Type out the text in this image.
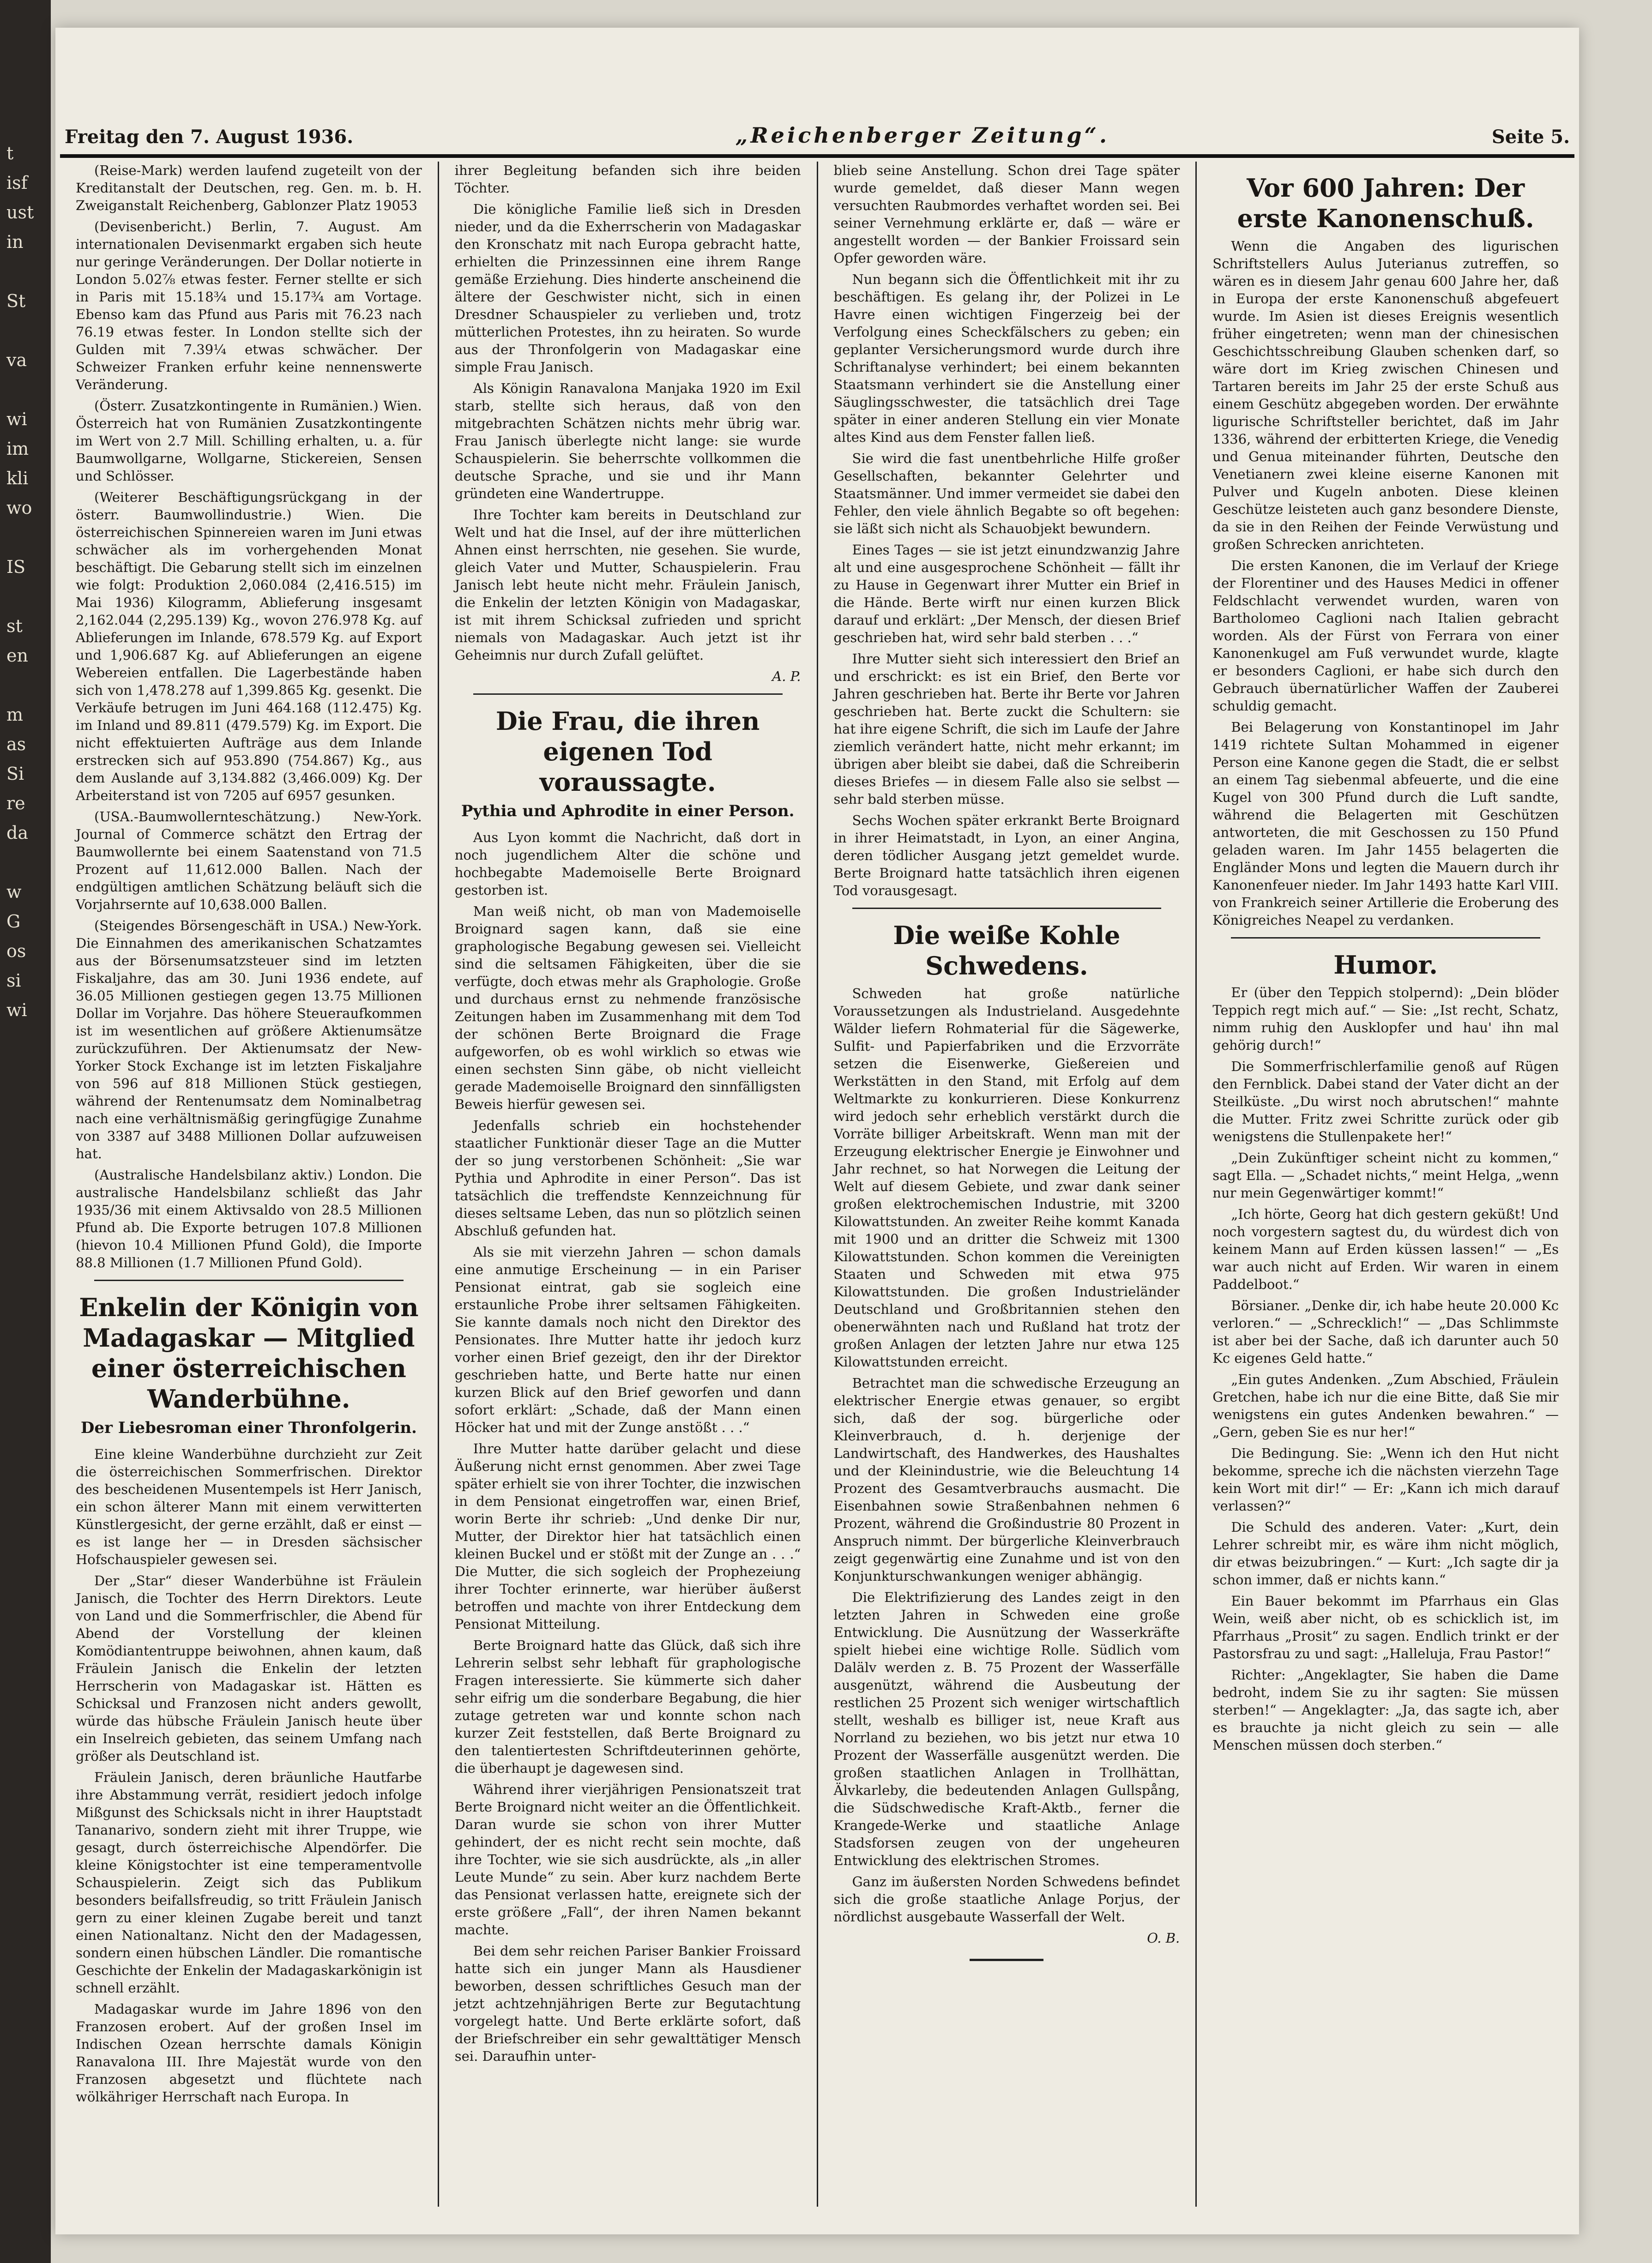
t
isf
ust
in

St

va

wi
im
kli
wo

IS

st
en

m
as
Si
re
da

w
G
os
si
wi
Freitag den 7. August 1936.	„Reichenberger Zeitung“.	Seite 5.

(Reise-Mark) werden laufend zugeteilt von der Kreditanstalt der Deutschen, reg. Gen. m. b. H. Zweiganstalt Reichenberg, Gablonzer Platz 19053

(Devisenbericht.) Berlin, 7. August. Am internationalen Devisenmarkt ergaben sich heute nur geringe Veränderungen. Der Dollar notierte in London 5.02⅞ etwas fester. Ferner stellte er sich in Paris mit 15.18¾ und 15.17¾ am Vortage. Ebenso kam das Pfund aus Paris mit 76.23 nach 76.19 etwas fester. In London stellte sich der Gulden mit 7.39¼ etwas schwächer. Der Schweizer Franken erfuhr keine nennenswerte Veränderung.

(Österr. Zusatzkontingente in Rumänien.) Wien. Österreich hat von Rumänien Zusatzkontingente im Wert von 2.7 Mill. Schilling erhalten, u. a. für Baumwollgarne, Wollgarne, Stickereien, Sensen und Schlösser.

(Weiterer Beschäftigungsrückgang in der österr. Baumwollindustrie.) Wien. Die österreichischen Spinnereien waren im Juni etwas schwächer als im vorhergehenden Monat beschäftigt. Die Gebarung stellt sich im einzelnen wie folgt: Produktion 2,060.084 (2,416.515) im Mai 1936) Kilogramm, Ablieferung insgesamt 2,162.044 (2,295.139) Kg., wovon 276.978 Kg. auf Ablieferungen im Inlande, 678.579 Kg. auf Export und 1,906.687 Kg. auf Ablieferungen an eigene Webereien entfallen. Die Lagerbestände haben sich von 1,478.278 auf 1,399.865 Kg. gesenkt. Die Verkäufe betrugen im Juni 464.168 (112.475) Kg. im Inland und 89.811 (479.579) Kg. im Export. Die nicht effektuierten Aufträge aus dem Inlande erstrecken sich auf 953.890 (754.867) Kg., aus dem Auslande auf 3,134.882 (3,466.009) Kg. Der Arbeiterstand ist von 7205 auf 6957 gesunken.

(USA.-Baumwollernteschätzung.) New-York. Journal of Commerce schätzt den Ertrag der Baumwollernte bei einem Saatenstand von 71.5 Prozent auf 11,612.000 Ballen. Nach der endgültigen amtlichen Schätzung beläuft sich die Vorjahrsernte auf 10,638.000 Ballen.

(Steigendes Börsengeschäft in USA.) New-York. Die Einnahmen des amerikanischen Schatzamtes aus der Börsenumsatzsteuer sind im letzten Fiskaljahre, das am 30. Juni 1936 endete, auf 36.05 Millionen gestiegen gegen 13.75 Millionen Dollar im Vorjahre. Das höhere Steueraufkommen ist im wesentlichen auf größere Aktienumsätze zurückzuführen. Der Aktienumsatz der New-Yorker Stock Exchange ist im letzten Fiskaljahre von 596 auf 818 Millionen Stück gestiegen, während der Rentenumsatz dem Nominalbetrag nach eine verhältnismäßig geringfügige Zunahme von 3387 auf 3488 Millionen Dollar aufzuweisen hat.

(Australische Handelsbilanz aktiv.) London. Die australische Handelsbilanz schließt das Jahr 1935/36 mit einem Aktivsaldo von 28.5 Millionen Pfund ab. Die Exporte betrugen 107.8 Millionen (hievon 10.4 Millionen Pfund Gold), die Importe 88.8 Millionen (1.7 Millionen Pfund Gold).

Enkelin der Königin von Madagaskar — Mitglied einer österreichischen Wanderbühne.
Der Liebesroman einer Thronfolgerin.

Eine kleine Wanderbühne durchzieht zur Zeit die österreichischen Sommerfrischen. Direktor des bescheidenen Musentempels ist Herr Janisch, ein schon älterer Mann mit einem verwitterten Künstlergesicht, der gerne erzählt, daß er einst — es ist lange her — in Dresden sächsischer Hofschauspieler gewesen sei.

Der „Star“ dieser Wanderbühne ist Fräulein Janisch, die Tochter des Herrn Direktors. Leute von Land und die Sommerfrischler, die Abend für Abend der Vorstellung der kleinen Komödiantentruppe beiwohnen, ahnen kaum, daß Fräulein Janisch die Enkelin der letzten Herrscherin von Madagaskar ist. Hätten es Schicksal und Franzosen nicht anders gewollt, würde das hübsche Fräulein Janisch heute über ein Inselreich gebieten, das seinem Umfang nach größer als Deutschland ist.

Fräulein Janisch, deren bräunliche Hautfarbe ihre Abstammung verrät, residiert jedoch infolge Mißgunst des Schicksals nicht in ihrer Hauptstadt Tananarivo, sondern zieht mit ihrer Truppe, wie gesagt, durch österreichische Alpendörfer. Die kleine Königstochter ist eine temperamentvolle Schauspielerin. Zeigt sich das Publikum besonders beifallsfreudig, so tritt Fräulein Janisch gern zu einer kleinen Zugabe bereit und tanzt einen Nationaltanz. Nicht den der Madagessen, sondern einen hübschen Ländler. Die romantische Geschichte der Enkelin der Madagaskarkönigin ist schnell erzählt.

Madagaskar wurde im Jahre 1896 von den Franzosen erobert. Auf der großen Insel im Indischen Ozean herrschte damals Königin Ranavalona III. Ihre Majestät wurde von den Franzosen abgesetzt und flüchtete nach wölkähriger Herrschaft nach Europa. In

ihrer Begleitung befanden sich ihre beiden Töchter.

Die königliche Familie ließ sich in Dresden nieder, und da die Exherrscherin von Madagaskar den Kronschatz mit nach Europa gebracht hatte, erhielten die Prinzessinnen eine ihrem Range gemäße Erziehung. Dies hinderte anscheinend die ältere der Geschwister nicht, sich in einen Dresdner Schauspieler zu verlieben und, trotz mütterlichen Protestes, ihn zu heiraten. So wurde aus der Thronfolgerin von Madagaskar eine simple Frau Janisch.

Als Königin Ranavalona Manjaka 1920 im Exil starb, stellte sich heraus, daß von den mitgebrachten Schätzen nichts mehr übrig war. Frau Janisch überlegte nicht lange: sie wurde Schauspielerin. Sie beherrschte vollkommen die deutsche Sprache, und sie und ihr Mann gründeten eine Wandertruppe.

Ihre Tochter kam bereits in Deutschland zur Welt und hat die Insel, auf der ihre mütterlichen Ahnen einst herrschten, nie gesehen. Sie wurde, gleich Vater und Mutter, Schauspielerin. Frau Janisch lebt heute nicht mehr. Fräulein Janisch, die Enkelin der letzten Königin von Madagaskar, ist mit ihrem Schicksal zufrieden und spricht niemals von Madagaskar. Auch jetzt ist ihr Geheimnis nur durch Zufall gelüftet.

A. P.
Die Frau, die ihren eigenen Tod voraussagte.
Pythia und Aphrodite in einer Person.

Aus Lyon kommt die Nachricht, daß dort in noch jugendlichem Alter die schöne und hochbegabte Mademoiselle Berte Broignard gestorben ist.

Man weiß nicht, ob man von Mademoiselle Broignard sagen kann, daß sie eine graphologische Begabung gewesen sei. Vielleicht sind die seltsamen Fähigkeiten, über die sie verfügte, doch etwas mehr als Graphologie. Große und durchaus ernst zu nehmende französische Zeitungen haben im Zusammenhang mit dem Tod der schönen Berte Broignard die Frage aufgeworfen, ob es wohl wirklich so etwas wie einen sechsten Sinn gäbe, ob nicht vielleicht gerade Mademoiselle Broignard den sinnfälligsten Beweis hierfür gewesen sei.

Jedenfalls schrieb ein hochstehender staatlicher Funktionär dieser Tage an die Mutter der so jung verstorbenen Schönheit: „Sie war Pythia und Aphrodite in einer Person“. Das ist tatsächlich die treffendste Kennzeichnung für dieses seltsame Leben, das nun so plötzlich seinen Abschluß gefunden hat.

Als sie mit vierzehn Jahren — schon damals eine anmutige Erscheinung — in ein Pariser Pensionat eintrat, gab sie sogleich eine erstaunliche Probe ihrer seltsamen Fähigkeiten. Sie kannte damals noch nicht den Direktor des Pensionates. Ihre Mutter hatte ihr jedoch kurz vorher einen Brief gezeigt, den ihr der Direktor geschrieben hatte, und Berte hatte nur einen kurzen Blick auf den Brief geworfen und dann sofort erklärt: „Schade, daß der Mann einen Höcker hat und mit der Zunge anstößt . . .“

Ihre Mutter hatte darüber gelacht und diese Äußerung nicht ernst genommen. Aber zwei Tage später erhielt sie von ihrer Tochter, die inzwischen in dem Pensionat eingetroffen war, einen Brief, worin Berte ihr schrieb: „Und denke Dir nur, Mutter, der Direktor hier hat tatsächlich einen kleinen Buckel und er stößt mit der Zunge an . . .“ Die Mutter, die sich sogleich der Prophezeiung ihrer Tochter erinnerte, war hierüber äußerst betroffen und machte von ihrer Entdeckung dem Pensionat Mitteilung.

Berte Broignard hatte das Glück, daß sich ihre Lehrerin selbst sehr lebhaft für graphologische Fragen interessierte. Sie kümmerte sich daher sehr eifrig um die sonderbare Begabung, die hier zutage getreten war und konnte schon nach kurzer Zeit feststellen, daß Berte Broignard zu den talentiertesten Schriftdeuterinnen gehörte, die überhaupt je dagewesen sind.

Während ihrer vierjährigen Pensionatszeit trat Berte Broignard nicht weiter an die Öffentlichkeit. Daran wurde sie schon von ihrer Mutter gehindert, der es nicht recht sein mochte, daß ihre Tochter, wie sie sich ausdrückte, als „in aller Leute Munde“ zu sein. Aber kurz nachdem Berte das Pensionat verlassen hatte, ereignete sich der erste größere „Fall“, der ihren Namen bekannt machte.

Bei dem sehr reichen Pariser Bankier Froissard hatte sich ein junger Mann als Hausdiener beworben, dessen schriftliches Gesuch man der jetzt achtzehnjährigen Berte zur Begutachtung vorgelegt hatte. Und Berte erklärte sofort, daß der Briefschreiber ein sehr gewalttätiger Mensch sei. Daraufhin unter-

blieb seine Anstellung. Schon drei Tage später wurde gemeldet, daß dieser Mann wegen versuchten Raubmordes verhaftet worden sei. Bei seiner Vernehmung erklärte er, daß — wäre er angestellt worden — der Bankier Froissard sein Opfer geworden wäre.

Nun begann sich die Öffentlichkeit mit ihr zu beschäftigen. Es gelang ihr, der Polizei in Le Havre einen wichtigen Fingerzeig bei der Verfolgung eines Scheckfälschers zu geben; ein geplanter Versicherungsmord wurde durch ihre Schriftanalyse verhindert; bei einem bekannten Staatsmann verhindert sie die Anstellung einer Säuglingsschwester, die tatsächlich drei Tage später in einer anderen Stellung ein vier Monate altes Kind aus dem Fenster fallen ließ.

Sie wird die fast unentbehrliche Hilfe großer Gesellschaften, bekannter Gelehrter und Staatsmänner. Und immer vermeidet sie dabei den Fehler, den viele ähnlich Begabte so oft begehen: sie läßt sich nicht als Schauobjekt bewundern.

Eines Tages — sie ist jetzt einundzwanzig Jahre alt und eine ausgesprochene Schönheit — fällt ihr zu Hause in Gegenwart ihrer Mutter ein Brief in die Hände. Berte wirft nur einen kurzen Blick darauf und erklärt: „Der Mensch, der diesen Brief geschrieben hat, wird sehr bald sterben . . .“

Ihre Mutter sieht sich interessiert den Brief an und erschrickt: es ist ein Brief, den Berte vor Jahren geschrieben hat. Berte ihr Berte vor Jahren geschrieben hat. Berte zuckt die Schultern: sie hat ihre eigene Schrift, die sich im Laufe der Jahre ziemlich verändert hatte, nicht mehr erkannt; im übrigen aber bleibt sie dabei, daß die Schreiberin dieses Briefes — in diesem Falle also sie selbst — sehr bald sterben müsse.

Sechs Wochen später erkrankt Berte Broignard in ihrer Heimatstadt, in Lyon, an einer Angina, deren tödlicher Ausgang jetzt gemeldet wurde. Berte Broignard hatte tatsächlich ihren eigenen Tod vorausgesagt.

Die weiße Kohle Schwedens.

Schweden hat große natürliche Voraussetzungen als Industrieland. Ausgedehnte Wälder liefern Rohmaterial für die Sägewerke, Sulfit- und Papierfabriken und die Erzvorräte setzen die Eisenwerke, Gießereien und Werkstätten in den Stand, mit Erfolg auf dem Weltmarkte zu konkurrieren. Diese Konkurrenz wird jedoch sehr erheblich verstärkt durch die Vorräte billiger Arbeitskraft. Wenn man mit der Erzeugung elektrischer Energie je Einwohner und Jahr rechnet, so hat Norwegen die Leitung der Welt auf diesem Gebiete, und zwar dank seiner großen elektrochemischen Industrie, mit 3200 Kilowattstunden. An zweiter Reihe kommt Kanada mit 1900 und an dritter die Schweiz mit 1300 Kilowattstunden. Schon kommen die Vereinigten Staaten und Schweden mit etwa 975 Kilowattstunden. Die großen Industrieländer Deutschland und Großbritannien stehen den obenerwähnten nach und Rußland hat trotz der großen Anlagen der letzten Jahre nur etwa 125 Kilowattstunden erreicht.

Betrachtet man die schwedische Erzeugung an elektrischer Energie etwas genauer, so ergibt sich, daß der sog. bürgerliche oder Kleinverbrauch, d. h. derjenige der Landwirtschaft, des Handwerkes, des Haushaltes und der Kleinindustrie, wie die Beleuchtung 14 Prozent des Gesamtverbrauchs ausmacht. Die Eisenbahnen sowie Straßenbahnen nehmen 6 Prozent, während die Großindustrie 80 Prozent in Anspruch nimmt. Der bürgerliche Kleinverbrauch zeigt gegenwärtig eine Zunahme und ist von den Konjunkturschwankungen weniger abhängig.

Die Elektrifizierung des Landes zeigt in den letzten Jahren in Schweden eine große Entwicklung. Die Ausnützung der Wasserkräfte spielt hiebei eine wichtige Rolle. Südlich vom Dalälv werden z. B. 75 Prozent der Wasserfälle ausgenützt, während die Ausbeutung der restlichen 25 Prozent sich weniger wirtschaftlich stellt, weshalb es billiger ist, neue Kraft aus Norrland zu beziehen, wo bis jetzt nur etwa 10 Prozent der Wasserfälle ausgenützt werden. Die großen staatlichen Anlagen in Trollhättan, Älvkarleby, die bedeutenden Anlagen Gullspång, die Südschwedische Kraft-Aktb., ferner die Krangede-Werke und staatliche Anlage Stadsforsen zeugen von der ungeheuren Entwicklung des elektrischen Stromes.

Ganz im äußersten Norden Schwedens befindet sich die große staatliche Anlage Porjus, der nördlichst ausgebaute Wasserfall der Welt.

O. B.
Vor 600 Jahren: Der erste Kanonenschuß.

Wenn die Angaben des ligurischen Schriftstellers Aulus Juterianus zutreffen, so wären es in diesem Jahr genau 600 Jahre her, daß in Europa der erste Kanonenschuß abgefeuert wurde. Im Asien ist dieses Ereignis wesentlich früher eingetreten; wenn man der chinesischen Geschichtsschreibung Glauben schenken darf, so wäre dort im Krieg zwischen Chinesen und Tartaren bereits im Jahr 25 der erste Schuß aus einem Geschütz abgegeben worden. Der erwähnte ligurische Schriftsteller berichtet, daß im Jahr 1336, während der erbitterten Kriege, die Venedig und Genua miteinander führten, Deutsche den Venetianern zwei kleine eiserne Kanonen mit Pulver und Kugeln anboten. Diese kleinen Geschütze leisteten auch ganz besondere Dienste, da sie in den Reihen der Feinde Verwüstung und großen Schrecken anrichteten.

Die ersten Kanonen, die im Verlauf der Kriege der Florentiner und des Hauses Medici in offener Feldschlacht verwendet wurden, waren von Bartholomeo Caglioni nach Italien gebracht worden. Als der Fürst von Ferrara von einer Kanonenkugel am Fuß verwundet wurde, klagte er besonders Caglioni, er habe sich durch den Gebrauch übernatürlicher Waffen der Zauberei schuldig gemacht.

Bei Belagerung von Konstantinopel im Jahr 1419 richtete Sultan Mohammed in eigener Person eine Kanone gegen die Stadt, die er selbst an einem Tag siebenmal abfeuerte, und die eine Kugel von 300 Pfund durch die Luft sandte, während die Belagerten mit Geschützen antworteten, die mit Geschossen zu 150 Pfund geladen waren. Im Jahr 1455 belagerten die Engländer Mons und legten die Mauern durch ihr Kanonenfeuer nieder. Im Jahr 1493 hatte Karl VIII. von Frankreich seiner Artillerie die Eroberung des Königreiches Neapel zu verdanken.

Humor.

Er (über den Teppich stolpernd): „Dein blöder Teppich regt mich auf.“ — Sie: „Ist recht, Schatz, nimm ruhig den Ausklopfer und hau' ihn mal gehörig durch!“

Die Sommerfrischlerfamilie genoß auf Rügen den Fernblick. Dabei stand der Vater dicht an der Steilküste. „Du wirst noch abrutschen!“ mahnte die Mutter. Fritz zwei Schritte zurück oder gib wenigstens die Stullenpakete her!“

„Dein Zukünftiger scheint nicht zu kommen,“ sagt Ella. — „Schadet nichts,“ meint Helga, „wenn nur mein Gegenwärtiger kommt!“

„Ich hörte, Georg hat dich gestern geküßt! Und noch vorgestern sagtest du, du würdest dich von keinem Mann auf Erden küssen lassen!“ — „Es war auch nicht auf Erden. Wir waren in einem Paddelboot.“

Börsianer. „Denke dir, ich habe heute 20.000 Kc verloren.“ — „Schrecklich!“ — „Das Schlimmste ist aber bei der Sache, daß ich darunter auch 50 Kc eigenes Geld hatte.“

„Ein gutes Andenken. „Zum Abschied, Fräulein Gretchen, habe ich nur die eine Bitte, daß Sie mir wenigstens ein gutes Andenken bewahren.“ — „Gern, geben Sie es nur her!“

Die Bedingung. Sie: „Wenn ich den Hut nicht bekomme, spreche ich die nächsten vierzehn Tage kein Wort mit dir!“ — Er: „Kann ich mich darauf verlassen?“

Die Schuld des anderen. Vater: „Kurt, dein Lehrer schreibt mir, es wäre ihm nicht möglich, dir etwas beizubringen.“ — Kurt: „Ich sagte dir ja schon immer, daß er nichts kann.“

Ein Bauer bekommt im Pfarrhaus ein Glas Wein, weiß aber nicht, ob es schicklich ist, im Pfarrhaus „Prosit“ zu sagen. Endlich trinkt er der Pastorsfrau zu und sagt: „Halleluja, Frau Pastor!“

Richter: „Angeklagter, Sie haben die Dame bedroht, indem Sie zu ihr sagten: Sie müssen sterben!“ — Angeklagter: „Ja, das sagte ich, aber es brauchte ja nicht gleich zu sein — alle Menschen müssen doch sterben.“
